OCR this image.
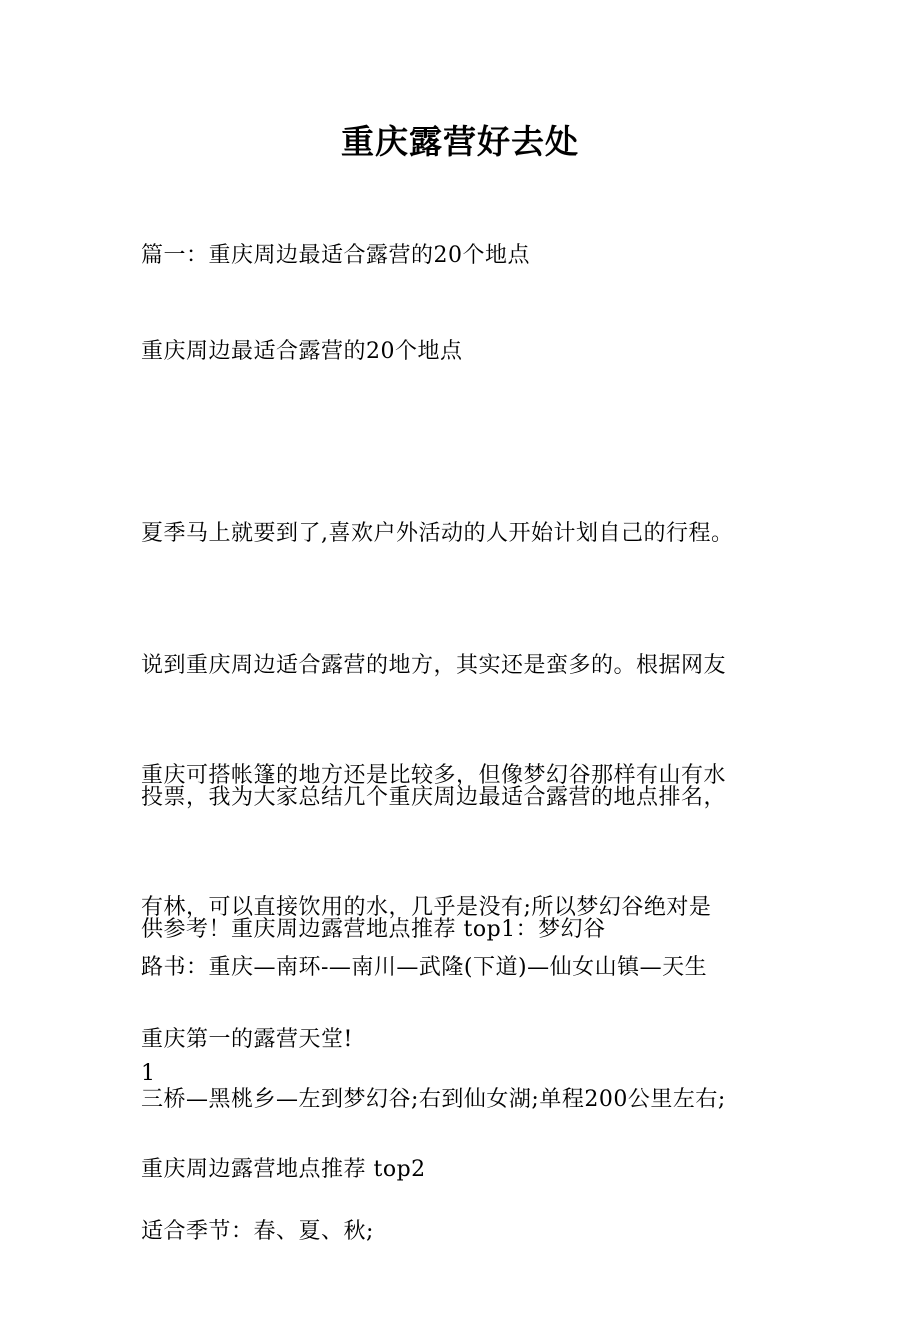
重庆露营好去处
篇一：重庆周边最适合露营的20个地点
重庆周边最适合露营的20个地点

夏季马上就要到了,喜欢户外活动的人开始计划自己的行程。

说到重庆周边适合露营的地方，其实还是蛮多的。根据网友

投票，我为大家总结几个重庆周边最适合露营的地点排名，

供参考！重庆周边露营地点推荐 top1：梦幻谷

重庆可搭帐篷的地方还是比较多，但像梦幻谷那样有山有水

有林，可以直接饮用的水，几乎是没有;所以梦幻谷绝对是

重庆第一的露营天堂!

路书：重庆—南环-—南川—武隆(下道)—仙女山镇—天生

三桥—黑桃乡—左到梦幻谷;右到仙女湖;单程200公里左右;

适合季节：春、夏、秋;

1
重庆周边露营地点推荐 top2
